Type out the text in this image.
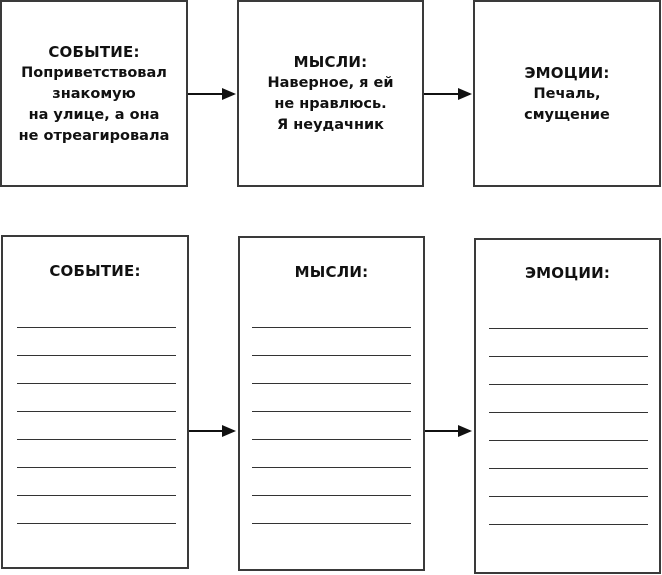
СОБЫТИЕ:
Поприветствовал
знакомую
на улице, а она
не отреагировала
МЫСЛИ:
Наверное, я ей
не нравлюсь.
Я неудачник
ЭМОЦИИ:
Печаль,
смущение
СОБЫТИЕ:	МЫСЛИ:	ЭМОЦИИ:
